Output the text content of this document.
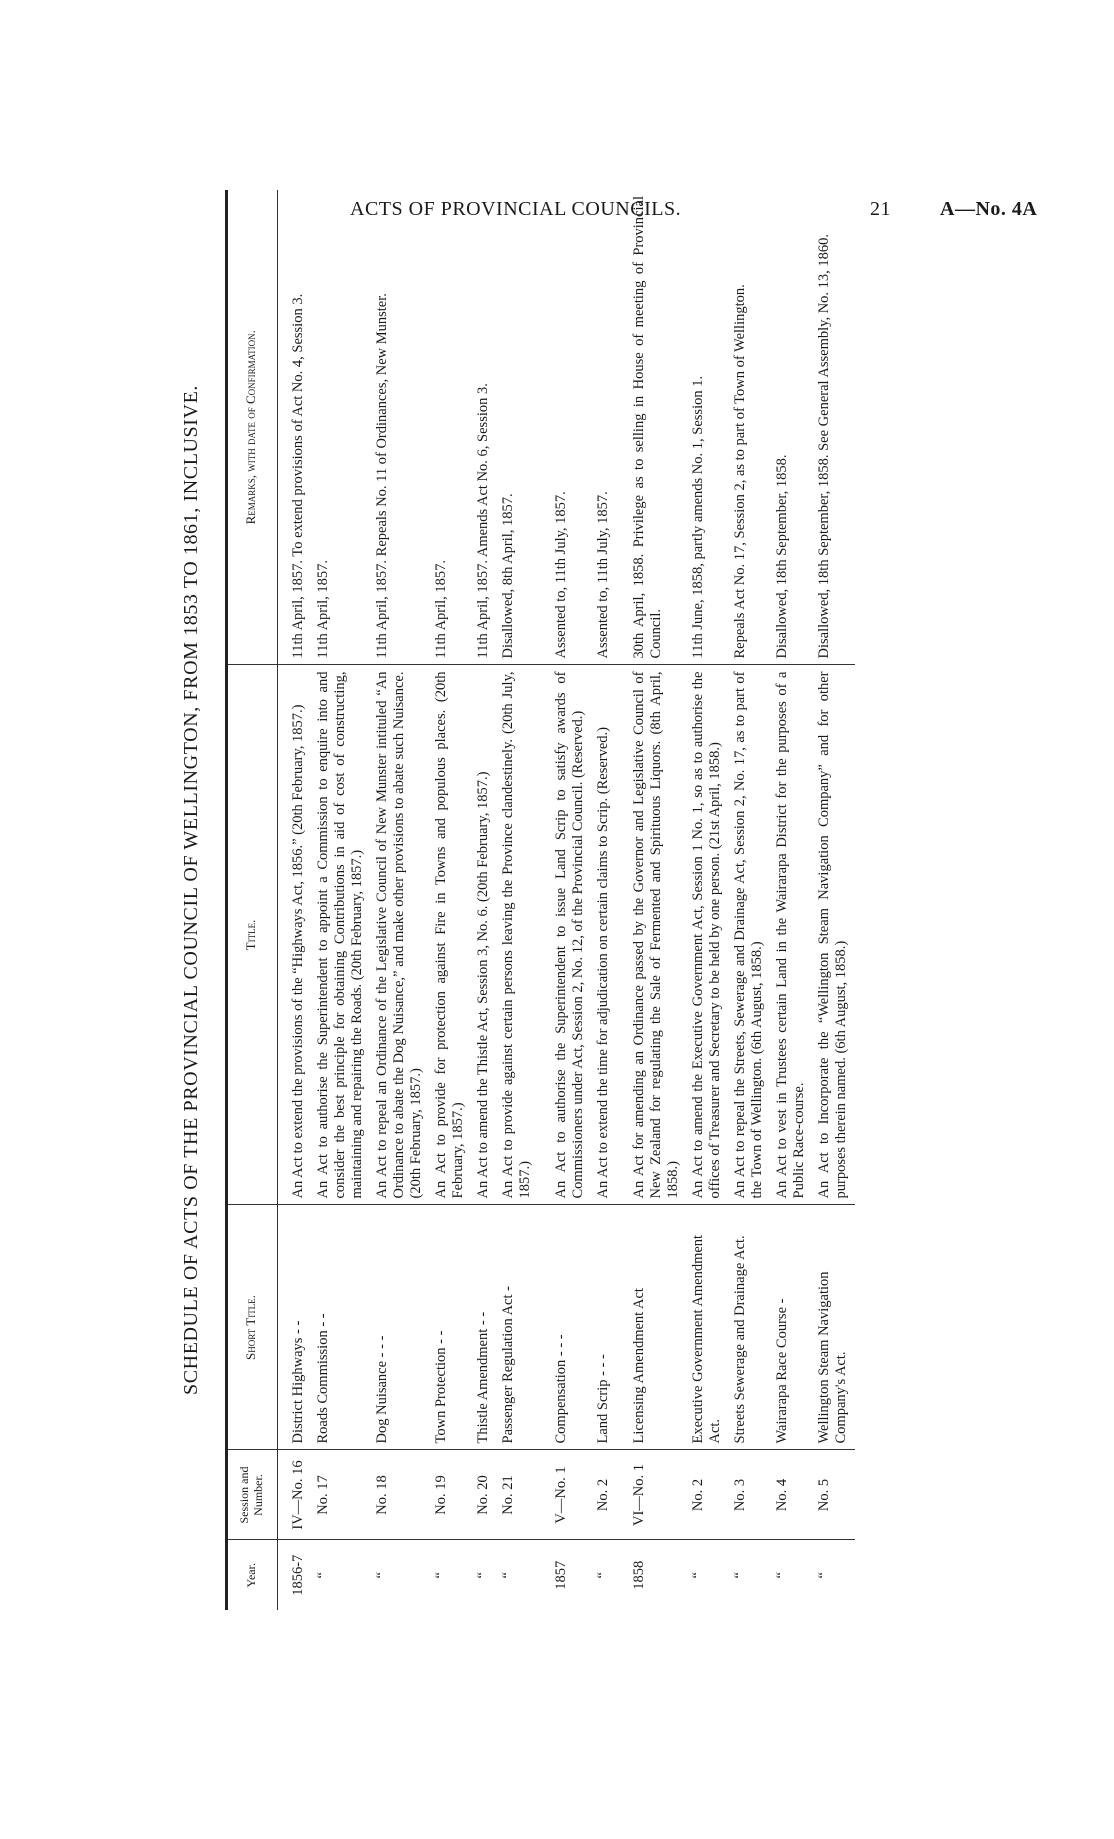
ACTS OF PROVINCIAL COUNCILS.	21 A—No. 4A
SCHEDULE OF ACTS OF THE PROVINCIAL COUNCIL OF WELLINGTON, FROM 1853 TO 1861, INCLUSIVE.
Year.	Session and Number.	Short Title.	Title.	Remarks, with date of Confirmation.
1856-7	IV—No. 16	District Highways - -	An Act to extend the provisions of the “Highways Act, 1856.” (20th February, 1857.)	11th April, 1857. To extend provisions of Act No. 4, Session 3.
“	No. 17	Roads Commission - -	An Act to authorise the Superintendent to appoint a Commission to enquire into and consider the best principle for obtaining Contributions in aid of cost of constructing, maintaining and repairing the Roads. (20th February, 1857.)	11th April, 1857.
“	No. 18	Dog Nuisance - - -	An Act to repeal an Ordinance of the Legislative Council of New Munster intituled “An Ordinance to abate the Dog Nuisance,” and make other provisions to abate such Nuisance. (20th February, 1857.)	11th April, 1857. Repeals No. 11 of Ordinances, New Munster.
“	No. 19	Town Protection - -	An Act to provide for protection against Fire in Towns and populous places. (20th February, 1857.)	11th April, 1857.
“	No. 20	Thistle Amendment - -	An Act to amend the Thistle Act, Session 3, No. 6. (20th February, 1857.)	11th April, 1857. Amends Act No. 6, Session 3.
“	No. 21	Passenger Regulation Act -	An Act to provide against certain persons leaving the Province clandestinely. (20th July, 1857.)	Disallowed, 8th April, 1857.
1857	V—No. 1	Compensation - - -	An Act to authorise the Superintendent to issue Land Scrip to satisfy awards of Commissioners under Act, Session 2, No. 12, of the Provincial Council. (Reserved.)	Assented to, 11th July, 1857.
“	No. 2	Land Scrip - - -	An Act to extend the time for adjudication on certain claims to Scrip. (Reserved.)	Assented to, 11th July, 1857.
1858	VI—No. 1	Licensing Amendment Act	An Act for amending an Ordinance passed by the Governor and Legislative Council of New Zealand for regulating the Sale of Fermented and Spirituous Liquors. (8th April, 1858.)	30th April, 1858. Privilege as to selling in House of meeting of Provincial Council.
“	No. 2	Executive Government Amendment Act.	An Act to amend the Executive Government Act, Session 1 No. 1, so as to authorise the offices of Treasurer and Secretary to be held by one person. (21st April, 1858.)	11th June, 1858, partly amends No. 1, Session 1.
“	No. 3	Streets Sewerage and Drainage Act.	An Act to repeal the Streets, Sewerage and Drainage Act, Session 2, No. 17, as to part of the Town of Wellington. (6th August, 1858.)	Repeals Act No. 17, Session 2, as to part of Town of Wellington.
“	No. 4	Wairarapa Race Course -	An Act to vest in Trustees certain Land in the Wairarapa District for the purposes of a Public Race-course.	Disallowed, 18th September, 1858.
“	No. 5	Wellington Steam Navigation Company's Act.	An Act to Incorporate the “Wellington Steam Navigation Company” and for other purposes therein named. (6th August, 1858.)	Disallowed, 18th September, 1858. See General Assembly, No. 13, 1860.
